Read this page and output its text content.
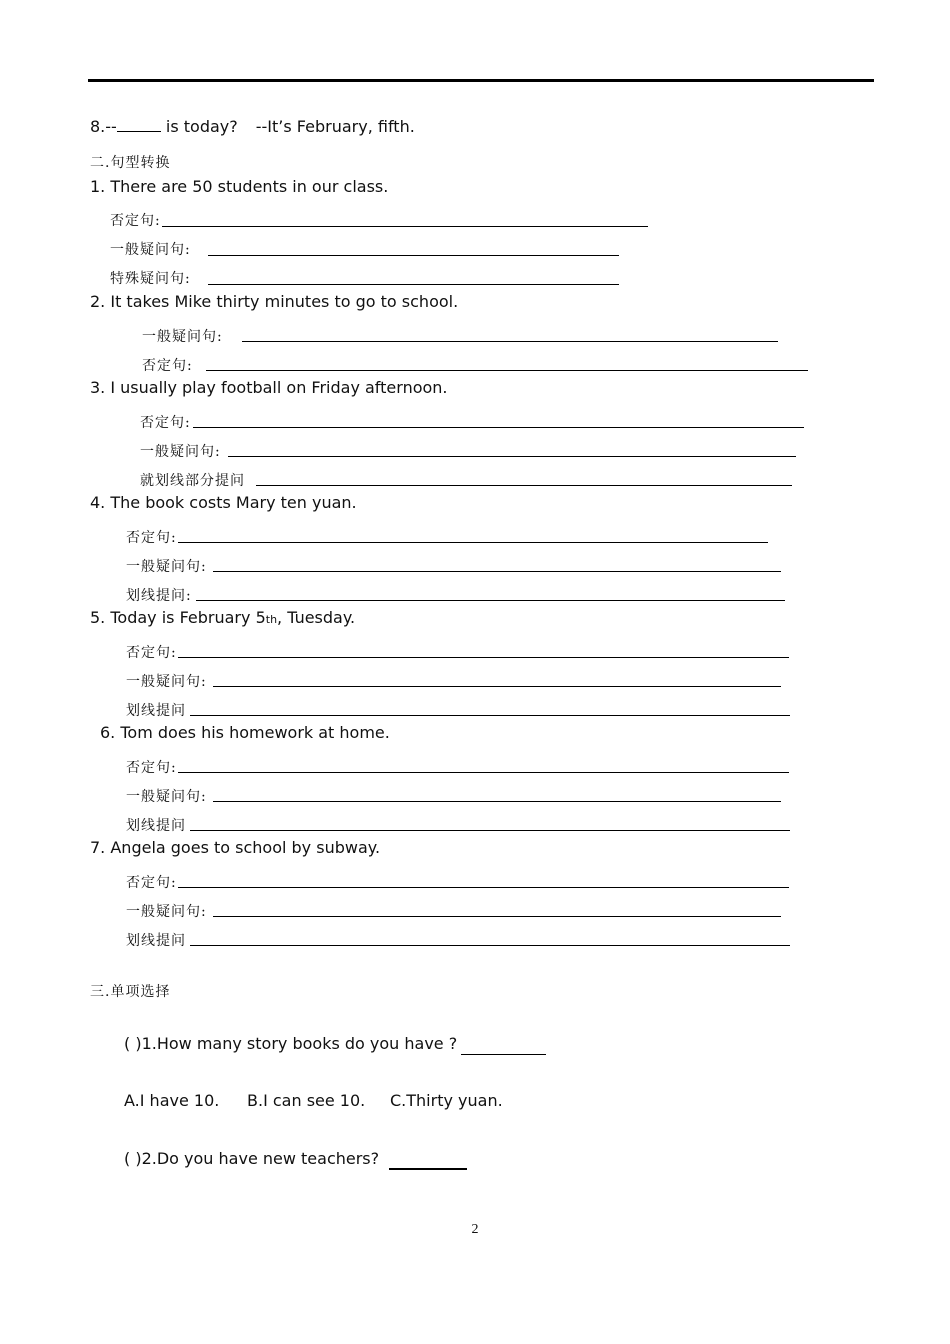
8.--	is today? --It’s February, fifth.
二.句型转换
1. There are 50 students in our class.
否定句:
一般疑问句:
特殊疑问句:
2. It takes Mike thirty minutes to go to school.
一般疑问句:
否定句:
3. I usually play football on Friday afternoon.
否定句:
一般疑问句:
就划线部分提问
4. The book costs Mary ten yuan.
否定句:
一般疑问句:
划线提问:
5. Today is February 5th, Tuesday.
否定句:
一般疑问句:
划线提问
6. Tom does his homework at home.
否定句:
一般疑问句:
划线提问
7. Angela goes to school by subway.
否定句:
一般疑问句:
划线提问
三.单项选择
( )1.How many story books do you have ?
A.I have 10. B.I can see 10. C.Thirty yuan.
( )2.Do you have new teachers?
2
